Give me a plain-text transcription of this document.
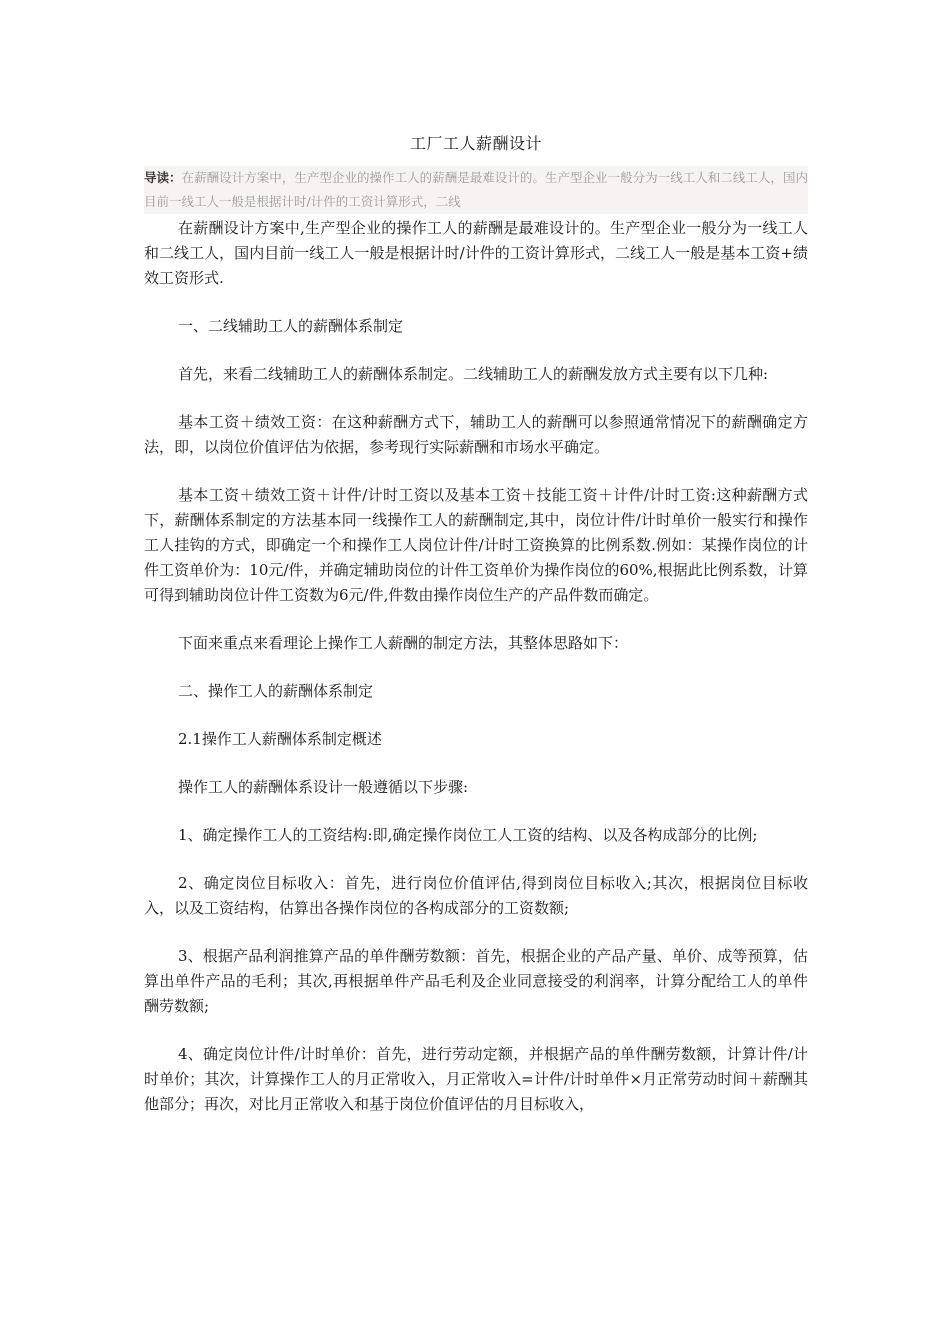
工厂工人薪酬设计
导读：在薪酬设计方案中，生产型企业的操作工人的薪酬是最难设计的。生产型企业一般分为一线工人和二线工人，国内目前一线工人一般是根据计时/计件的工资计算形式，二线

在薪酬设计方案中,生产型企业的操作工人的薪酬是最难设计的。生产型企业一般分为一线工人和二线工人，国内目前一线工人一般是根据计时/计件的工资计算形式，二线工人一般是基本工资+绩效工资形式.

一、二线辅助工人的薪酬体系制定

首先，来看二线辅助工人的薪酬体系制定。二线辅助工人的薪酬发放方式主要有以下几种:

基本工资＋绩效工资：在这种薪酬方式下，辅助工人的薪酬可以参照通常情况下的薪酬确定方法，即，以岗位价值评估为依据，参考现行实际薪酬和市场水平确定。

基本工资＋绩效工资＋计件/计时工资以及基本工资＋技能工资＋计件/计时工资:这种薪酬方式下，薪酬体系制定的方法基本同一线操作工人的薪酬制定,其中，岗位计件/计时单价一般实行和操作工人挂钩的方式，即确定一个和操作工人岗位计件/计时工资换算的比例系数.例如：某操作岗位的计件工资单价为：10元/件，并确定辅助岗位的计件工资单价为操作岗位的60%,根据此比例系数，计算可得到辅助岗位计件工资数为6元/件,件数由操作岗位生产的产品件数而确定。

下面来重点来看理论上操作工人薪酬的制定方法，其整体思路如下：

二、操作工人的薪酬体系制定

2.1操作工人薪酬体系制定概述

操作工人的薪酬体系设计一般遵循以下步骤:

1、确定操作工人的工资结构:即,确定操作岗位工人工资的结构、以及各构成部分的比例;

2、确定岗位目标收入：首先，进行岗位价值评估,得到岗位目标收入;其次，根据岗位目标收入，以及工资结构，估算出各操作岗位的各构成部分的工资数额;

3、根据产品利润推算产品的单件酬劳数额：首先，根据企业的产品产量、单价、成等预算，估算出单件产品的毛利；其次,再根据单件产品毛利及企业同意接受的利润率，计算分配给工人的单件酬劳数额;

4、确定岗位计件/计时单价：首先，进行劳动定额，并根据产品的单件酬劳数额，计算计件/计时单价；其次，计算操作工人的月正常收入，月正常收入=计件/计时单件×月正常劳动时间＋薪酬其他部分；再次，对比月正常收入和基于岗位价值评估的月目标收入，
